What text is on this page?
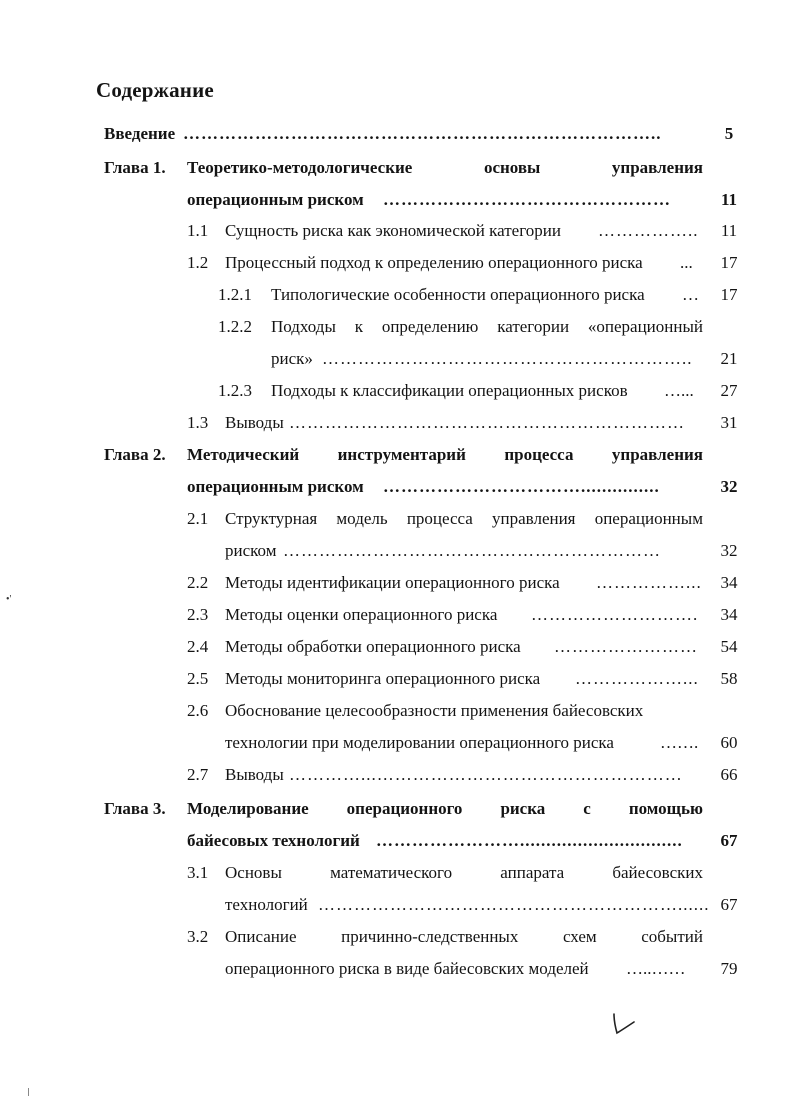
Содержание
Введение ……………………………………………………………………..	5
Глава 1. Теоретико-методологические	основы	управления
операционным риском …………………………………………	11
1.1 Сущность риска как экономической категории …………….. 11
1.2 Процессный подход к определению операционного риска ... 17
1.2.1 Типологические особенности операционного риска … 17
1.2.2 Подходы к определению категории «операционный
риск» …………………………………………………….. 21
1.2.3 Подходы к классификации операционных рисков …... 27
1.3 Выводы ………………………………………………………… 31
Глава 2. Методический инструментарий процесса управления
операционным риском ……………………………...............	32
2.1 Структурная модель процесса управления операционным
риском ………………………………………………………	32
2.2 Методы идентификации операционного риска ……………... 34
2.3 Методы оценки операционного риска ………………………. 34
2.4 Методы обработки операционного риска …………………… 54
2.5 Методы мониторинга операционного риска ………………... 58
2.6 Обоснование целесообразности применения байесовских
технологии при моделировании операционного риска	……. 60
2.7 Выводы …………...…………………………………………… 66
Глава 3. Моделирование операционного риска с помощью
байесовых технологий ……………………............................... 67
3.1 Основы	математического	аппарата	байесовских
технологий ……………………………………………………...... 67
3.2 Описание	причинно-следственных	схем	событий
операционного риска в виде байесовских моделей …..…… 79
•'
